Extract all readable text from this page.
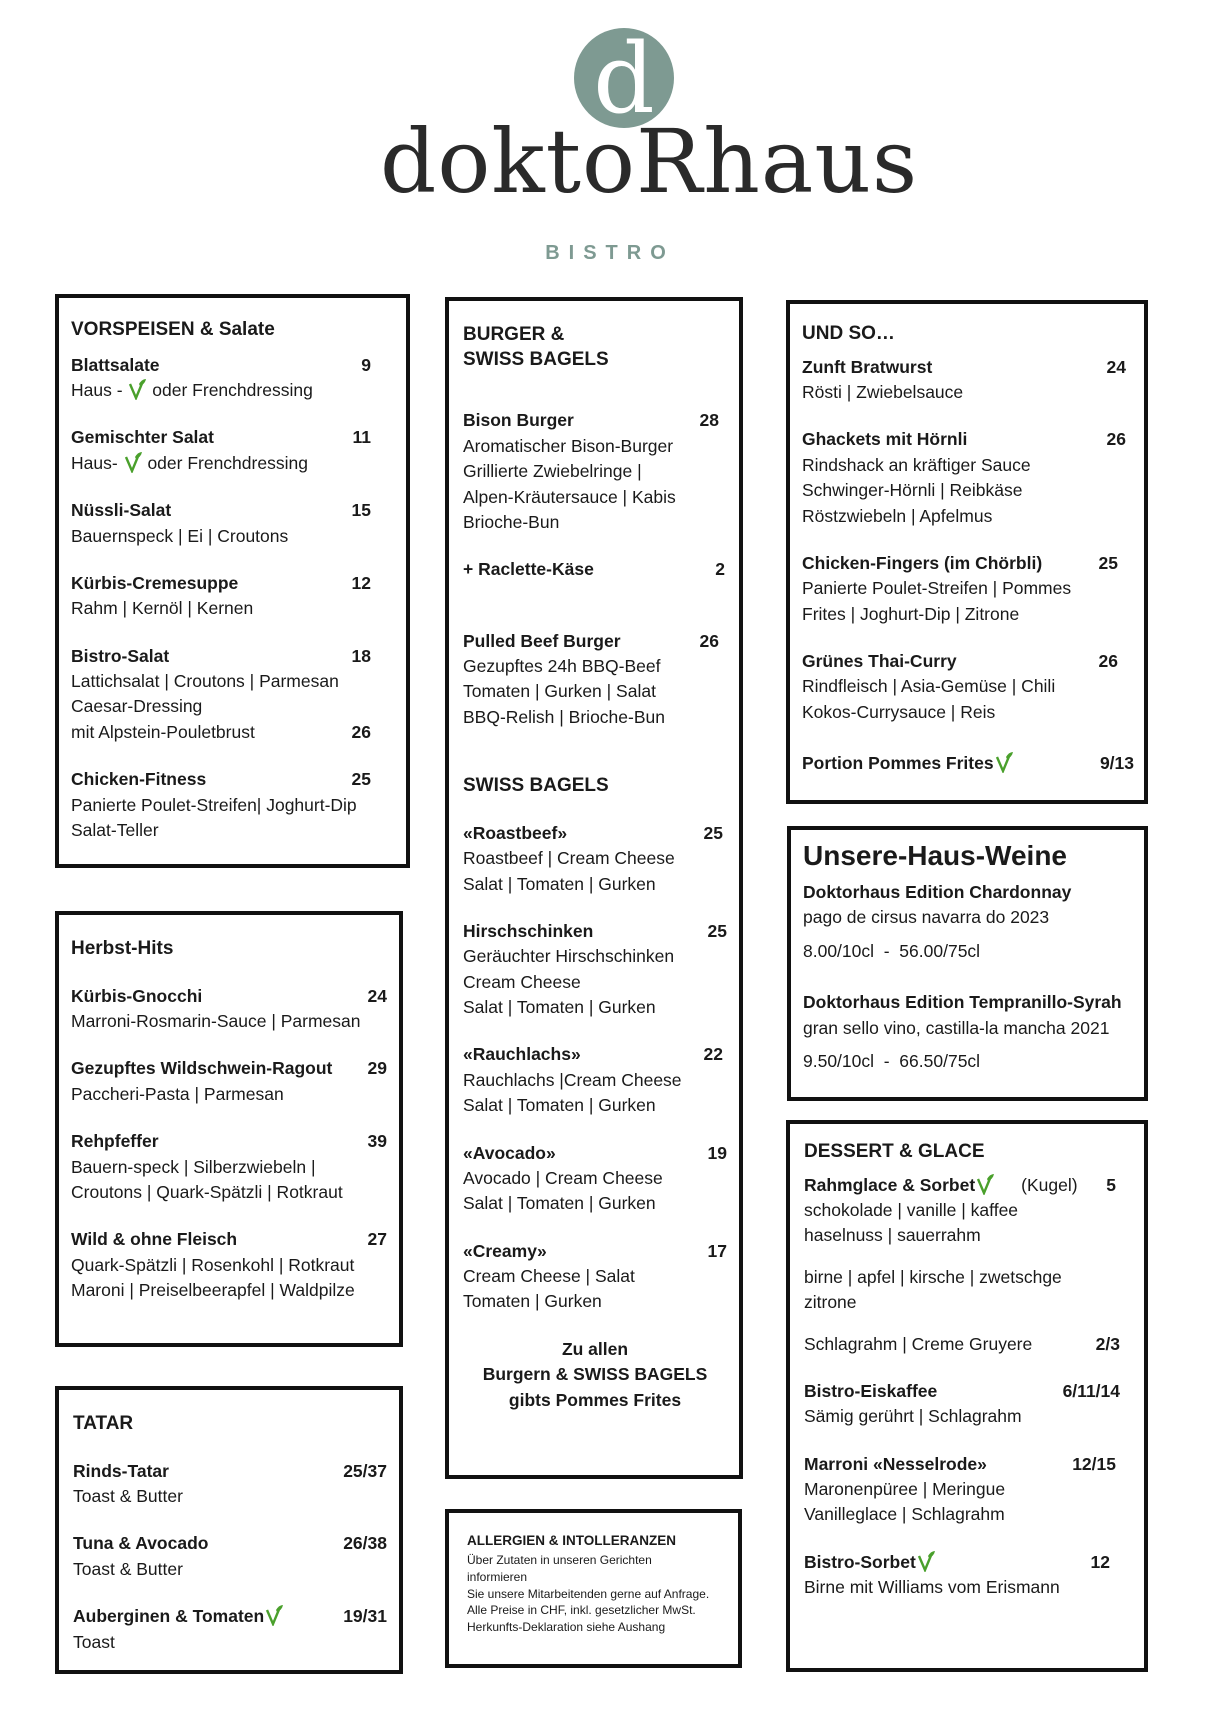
d
doktoRhaus
BISTRO
VORSPEISEN & Salate
Blattsalate	9
Haus - oder Frenchdressing
Gemischter Salat	11
Haus- oder Frenchdressing
Nüssli-Salat	15
Bauernspeck | Ei | Croutons
Kürbis-Cremesuppe	12
Rahm | Kernöl | Kernen
Bistro-Salat	18
Lattichsalat | Croutons | Parmesan
Caesar-Dressing
mit Alpstein-Pouletbrust	26
Chicken-Fitness	25
Panierte Poulet-Streifen| Joghurt-Dip
Salat-Teller
Herbst-Hits
Kürbis-Gnocchi	24
Marroni-Rosmarin-Sauce | Parmesan
Gezupftes Wildschwein-Ragout 29
Paccheri-Pasta | Parmesan
Rehpfeffer	39
Bauern-speck | Silberzwiebeln |
Croutons | Quark-Spätzli | Rotkraut
Wild & ohne Fleisch	27
Quark-Spätzli | Rosenkohl | Rotkraut
Maroni | Preiselbeerapfel | Waldpilze
TATAR
Rinds-Tatar	25/37
Toast & Butter
Tuna & Avocado	26/38
Toast & Butter
Auberginen & Tomaten	19/31
Toast
BURGER &
SWISS BAGELS
Bison Burger	28
Aromatischer Bison-Burger
Grillierte Zwiebelringe |
Alpen-Kräutersauce | Kabis
Brioche-Bun
+ Raclette-Käse	2
Pulled Beef Burger	26
Gezupftes 24h BBQ-Beef
Tomaten | Gurken | Salat
BBQ-Relish | Brioche-Bun
SWISS BAGELS
«Roastbeef»	25
Roastbeef | Cream Cheese
Salat | Tomaten | Gurken
Hirschschinken	25
Geräuchter Hirschschinken
Cream Cheese
Salat | Tomaten | Gurken
«Rauchlachs»	22
Rauchlachs |Cream Cheese
Salat | Tomaten | Gurken
«Avocado»	19
Avocado | Cream Cheese
Salat | Tomaten | Gurken
«Creamy»	17
Cream Cheese | Salat
Tomaten | Gurken
Zu allen
Burgern & SWISS BAGELS
gibts Pommes Frites
ALLERGIEN & INTOLLERANZEN
Über Zutaten in unseren Gerichten
informieren
Sie unsere Mitarbeitenden gerne auf Anfrage.
Alle Preise in CHF, inkl. gesetzlicher MwSt.
Herkunfts-Deklaration siehe Aushang
UND SO…
Zunft Bratwurst	24
Rösti | Zwiebelsauce
Ghackets mit Hörnli	26
Rindshack an kräftiger Sauce
Schwinger-Hörnli | Reibkäse
Röstzwiebeln | Apfelmus
Chicken-Fingers (im Chörbli)	25
Panierte Poulet-Streifen | Pommes
Frites | Joghurt-Dip | Zitrone
Grünes Thai-Curry	26
Rindfleisch | Asia-Gemüse | Chili
Kokos-Currysauce | Reis
Portion Pommes Frites	9/13
Unsere-Haus-Weine
Doktorhaus Edition Chardonnay
pago de cirsus navarra do 2023
8.00/10cl  -  56.00/75cl
Doktorhaus Edition Tempranillo-Syrah
gran sello vino, castilla-la mancha 2021
9.50/10cl  -  66.50/75cl
DESSERT & GLACE
Rahmglace & Sorbet	(Kugel) 5
schokolade | vanille | kaffee
haselnuss | sauerrahm
birne | apfel | kirsche | zwetschge
zitrone
Schlagrahm | Creme Gruyere	2/3
Bistro-Eiskaffee	6/11/14
Sämig gerührt | Schlagrahm
Marroni «Nesselrode»	12/15
Maronenpüree | Meringue
Vanilleglace | Schlagrahm
Bistro-Sorbet	12
Birne mit Williams vom Erismann
